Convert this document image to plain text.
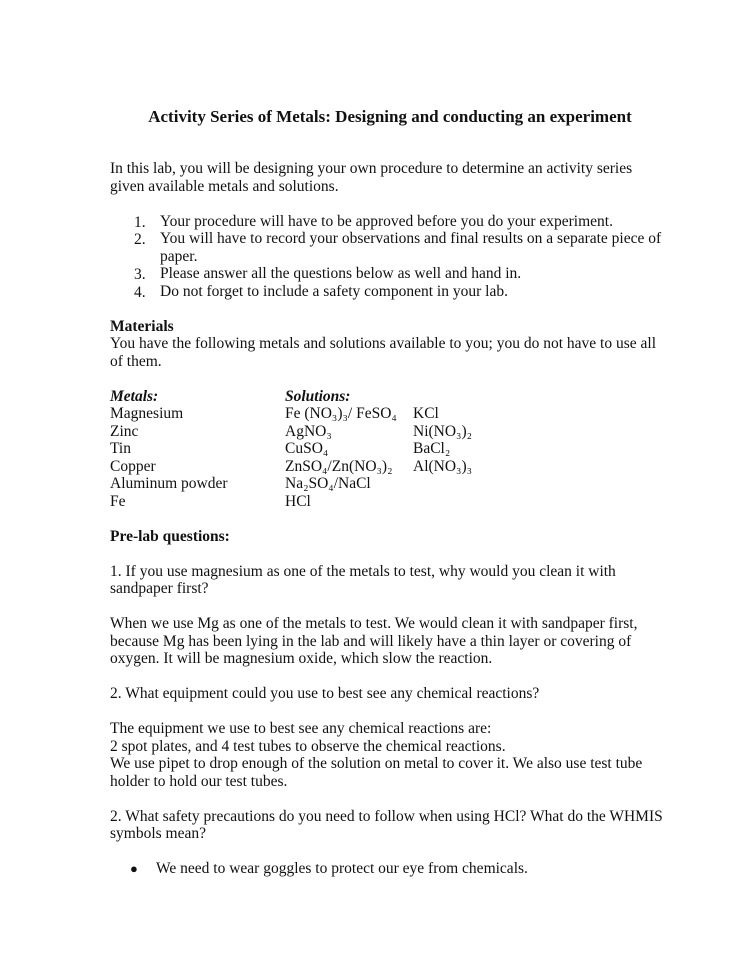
Activity Series of Metals: Designing and conducting an experiment

In this lab, you will be designing your own procedure to determine an activity series
given available metals and solutions.

1. Your procedure will have to be approved before you do your experiment.
2. You will have to record your observations and final results on a separate piece of
paper.
3. Please answer all the questions below as well and hand in.
4. Do not forget to include a safety component in your lab.

Materials
You have the following metals and solutions available to you; you do not have to use all
of them.

Metals:
Magnesium
Zinc
Tin
Copper
Aluminum powder
Fe
Solutions:
Fe (NO₃)₃/ FeSO₄
AgNO₃
CuSO₄
ZnSO₄/Zn(NO₃)₂
Na₂SO₄/NaCl
HCl
KCl
Ni(NO₃)₂
BaCl₂
Al(NO₃)₃

Pre-lab questions:

1. If you use magnesium as one of the metals to test, why would you clean it with
sandpaper first?

When we use Mg as one of the metals to test. We would clean it with sandpaper first,
because Mg has been lying in the lab and will likely have a thin layer or covering of
oxygen. It will be magnesium oxide, which slow the reaction.

2. What equipment could you use to best see any chemical reactions?

The equipment we use to best see any chemical reactions are:
2 spot plates, and 4 test tubes to observe the chemical reactions.
We use pipet to drop enough of the solution on metal to cover it. We also use test tube
holder to hold our test tubes.

2. What safety precautions do you need to follow when using HCl? What do the WHMIS
symbols mean?

● We need to wear goggles to protect our eye from chemicals.
